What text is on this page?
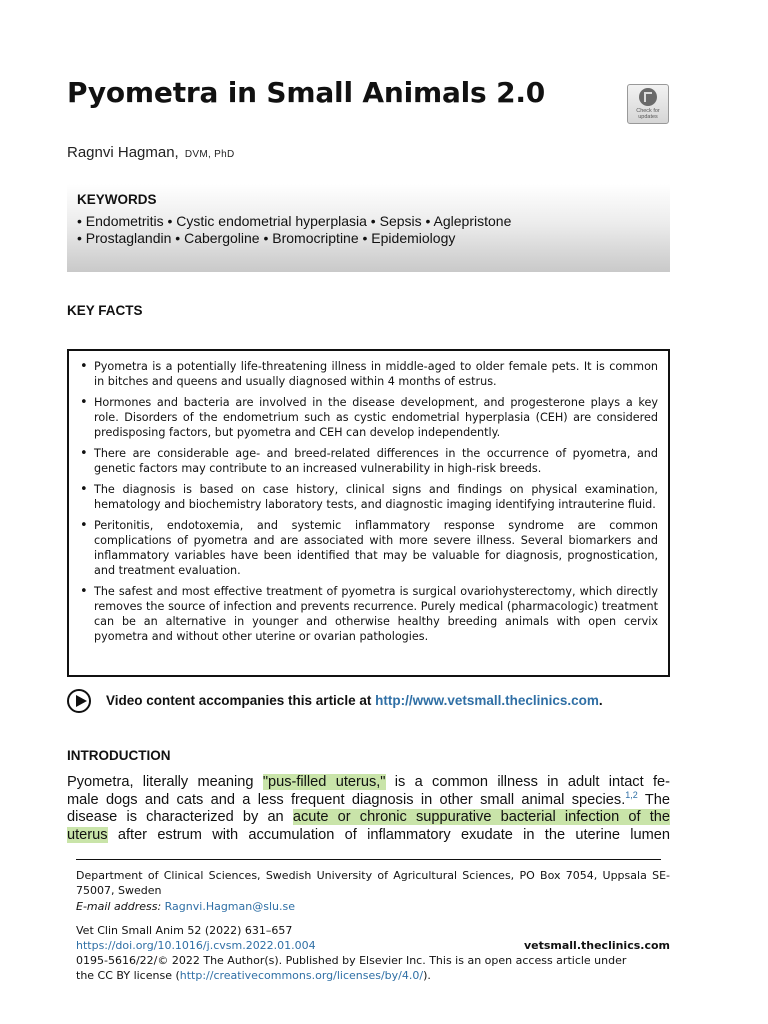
Pyometra in Small Animals 2.0
Check for updates
Ragnvi Hagman, DVM, PhD
KEYWORDS
• Endometritis • Cystic endometrial hyperplasia • Sepsis • Aglepristone
• Prostaglandin • Cabergoline • Bromocriptine • Epidemiology
KEY FACTS
• Pyometra is a potentially life-threatening illness in middle-aged to older female pets. It is common in bitches and queens and usually diagnosed within 4 months of estrus.
• Hormones and bacteria are involved in the disease development, and progesterone plays a key role. Disorders of the endometrium such as cystic endometrial hyperplasia (CEH) are considered predisposing factors, but pyometra and CEH can develop independently.
• There are considerable age- and breed-related differences in the occurrence of pyometra, and genetic factors may contribute to an increased vulnerability in high-risk breeds.
• The diagnosis is based on case history, clinical signs and findings on physical examination, hematology and biochemistry laboratory tests, and diagnostic imaging identifying intrauterine fluid.
• Peritonitis, endotoxemia, and systemic inflammatory response syndrome are common complications of pyometra and are associated with more severe illness. Several biomarkers and inflammatory variables have been identified that may be valuable for diagnosis, prognostication, and treatment evaluation.
• The safest and most effective treatment of pyometra is surgical ovariohysterectomy, which directly removes the source of infection and prevents recurrence. Purely medical (pharmacologic) treatment can be an alternative in younger and otherwise healthy breeding animals with open cervix pyometra and without other uterine or ovarian pathologies.
Video content accompanies this article at http://www.vetsmall.theclinics.com.
INTRODUCTION
Pyometra, literally meaning "pus-filled uterus," is a common illness in adult intact fe-
male dogs and cats and a less frequent diagnosis in other small animal species.$^{1,2}$ The
disease is characterized by an acute or chronic suppurative bacterial infection of the
uterus after estrum with accumulation of inflammatory exudate in the uterine lumen
Department of Clinical Sciences, Swedish University of Agricultural Sciences, PO Box 7054, Uppsala SE-75007, Sweden
E-mail address: Ragnvi.Hagman@slu.se
Vet Clin Small Anim 52 (2022) 631–657
https://doi.org/10.1016/j.cvsm.2022.01.004	vetsmall.theclinics.com
0195-5616/22/© 2022 The Author(s). Published by Elsevier Inc. This is an open access article under
the CC BY license (http://creativecommons.org/licenses/by/4.0/).
